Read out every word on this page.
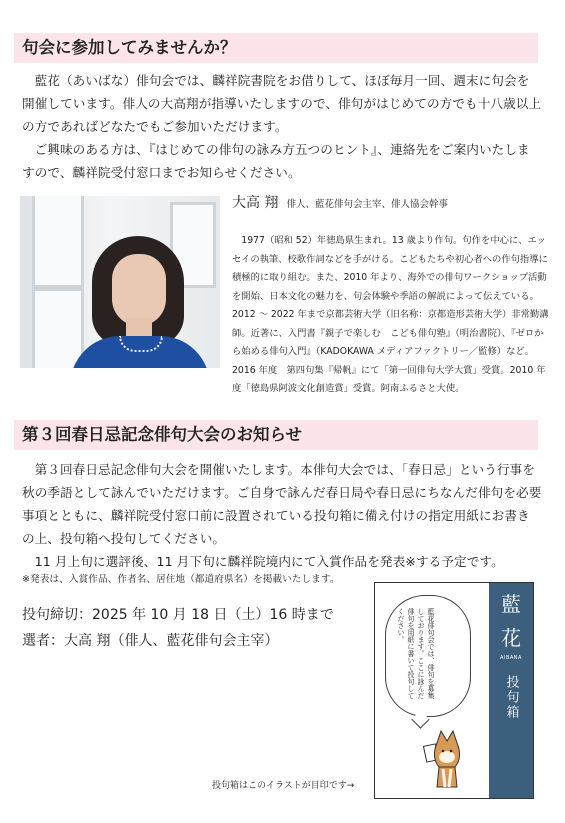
句会に参加してみませんか？

藍花（あいばな）俳句会では、麟祥院書院をお借りして、ほぼ毎月一回、週末に句会を開催しています。俳人の大高翔が指導いたしますので、俳句がはじめての方でも十八歳以上の方であればどなたでもご参加いただけます。

ご興味のある方は、『はじめての俳句の詠み方五つのヒント』、連絡先をご案内いたしますので、麟祥院受付窓口までお知らせください。

大高 翔 俳人、藍花俳句会主宰、俳人協会幹事

1977（昭和 52）年徳島県生まれ。13 歳より作句。句作を中心に、エッセイの執筆、校歌作詞などを手がける。こどもたちや初心者への作句指導に積極的に取り組む。また、2010 年より、海外での俳句ワークショップ活動を開始、日本文化の魅力を、句会体験や季語の解説によって伝えている。2012 ～ 2022 年まで京都芸術大学（旧名称：京都造形芸術大学）非常勤講師。近著に、入門書『親子で楽しむ　こども俳句塾』（明治書院）、『ゼロから始める俳句入門』（KADOKAWA メディアファクトリー／監修）など。2016 年度　第四句集『帰帆』にて「第一回俳句大学大賞」受賞。2010 年度「徳島県阿波文化創造賞」受賞。阿南ふるさと大使。

第３回春日忌記念俳句大会のお知らせ

第３回春日忌記念俳句大会を開催いたします。本俳句大会では、「春日忌」という行事を秋の季語として詠んでいただけます。ご自身で詠んだ春日局や春日忌にちなんだ俳句を必要事項とともに、麟祥院受付窓口前に設置されている投句箱に備え付けの指定用紙にお書きの上、投句箱へ投句してください。

11 月上旬に選評後、11 月下旬に麟祥院境内にて入賞作品を発表※する予定です。

※発表は、入賞作品、作者名、居住地（都道府県名）を掲載いたします。
投句締切：2025 年 10 月 18 日（土）16 時まで
選者：大高 翔（俳人、藍花俳句会主宰）
藍
花
AIBANA
投句箱
藍花俳句会では、俳句を募集しております。ここに詠んだ俳句を用紙に書いて投句してください。
投句箱はこのイラストが目印です→
